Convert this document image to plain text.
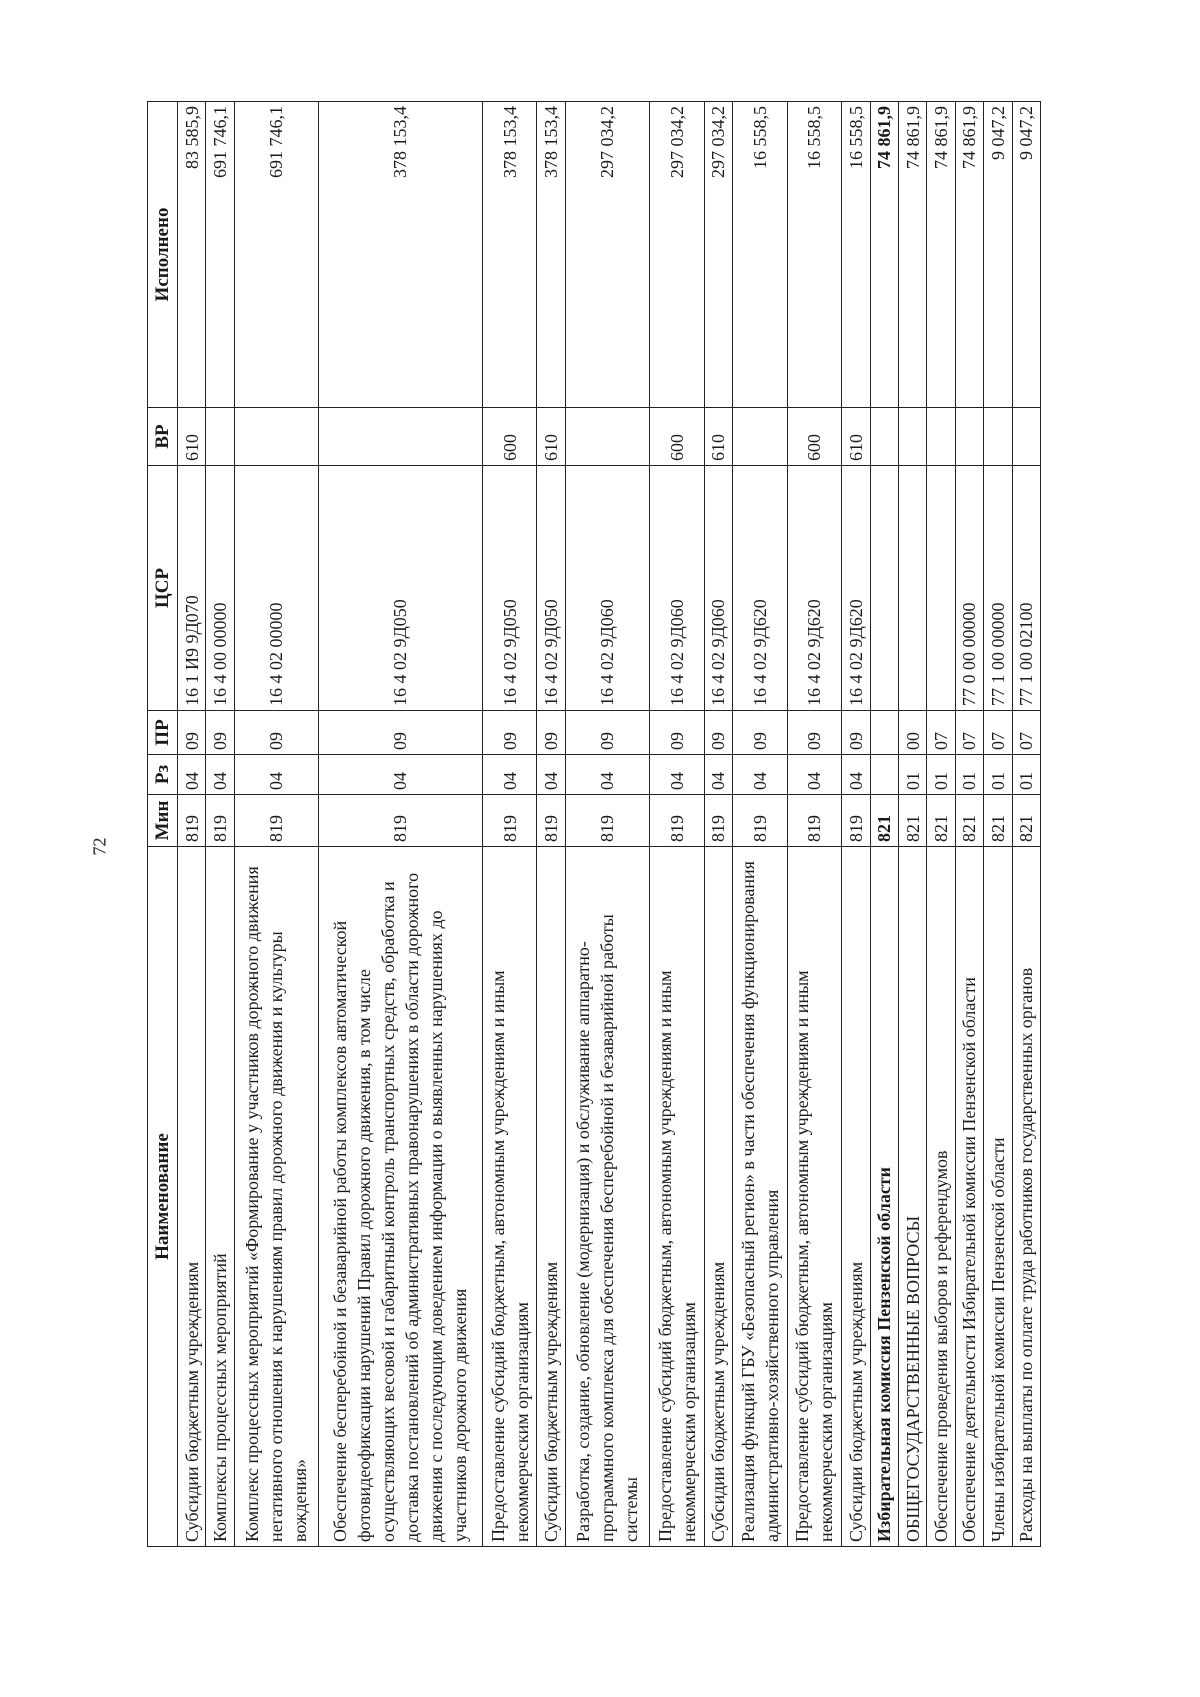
72
Наименование	Мин	Рз	ПР	ЦСР	ВР	Исполнено
Субсидии бюджетным учреждениям	819	04	09	16 1 И9 9Д070	610	83 585,9
Комплексы процессных мероприятий	819	04	09	16 4 00 00000		691 746,1
Комплекс процессных мероприятий «Формирование у участников дорожного движения негативного отношения к нарушениям правил дорожного движения и культуры вождения»	819	04	09	16 4 02 00000		691 746,1
Обеспечение бесперебойной и безаварийной работы комплексов автоматической фотовидеофиксации нарушений Правил дорожного движения, в том числе осуществляющих весовой и габаритный контроль транспортных средств, обработка и доставка постановлений об административных правонарушениях в области дорожного движения с последующим доведением информации о выявленных нарушениях до участников дорожного движения	819	04	09	16 4 02 9Д050		378 153,4
Предоставление субсидий бюджетным, автономным учреждениям и иным некоммерческим организациям	819	04	09	16 4 02 9Д050	600	378 153,4
Субсидии бюджетным учреждениям	819	04	09	16 4 02 9Д050	610	378 153,4
Разработка, создание, обновление (модернизация) и обслуживание аппаратно-программного комплекса для обеспечения бесперебойной и безаварийной работы системы	819	04	09	16 4 02 9Д060		297 034,2
Предоставление субсидий бюджетным, автономным учреждениям и иным некоммерческим организациям	819	04	09	16 4 02 9Д060	600	297 034,2
Субсидии бюджетным учреждениям	819	04	09	16 4 02 9Д060	610	297 034,2
Реализация функций ГБУ «Безопасный регион» в части обеспечения функционирования административно-хозяйственного управления	819	04	09	16 4 02 9Д620		16 558,5
Предоставление субсидий бюджетным, автономным учреждениям и иным некоммерческим организациям	819	04	09	16 4 02 9Д620	600	16 558,5
Субсидии бюджетным учреждениям	819	04	09	16 4 02 9Д620	610	16 558,5
Избирательная комиссия Пензенской области	821					74 861,9
ОБЩЕГОСУДАРСТВЕННЫЕ ВОПРОСЫ	821	01	00			74 861,9
Обеспечение проведения выборов и референдумов	821	01	07			74 861,9
Обеспечение деятельности Избирательной комиссии Пензенской области	821	01	07	77 0 00 00000		74 861,9
Члены избирательной комиссии Пензенской области	821	01	07	77 1 00 00000		9 047,2
Расходы на выплаты по оплате труда работников государственных органов	821	01	07	77 1 00 02100		9 047,2
